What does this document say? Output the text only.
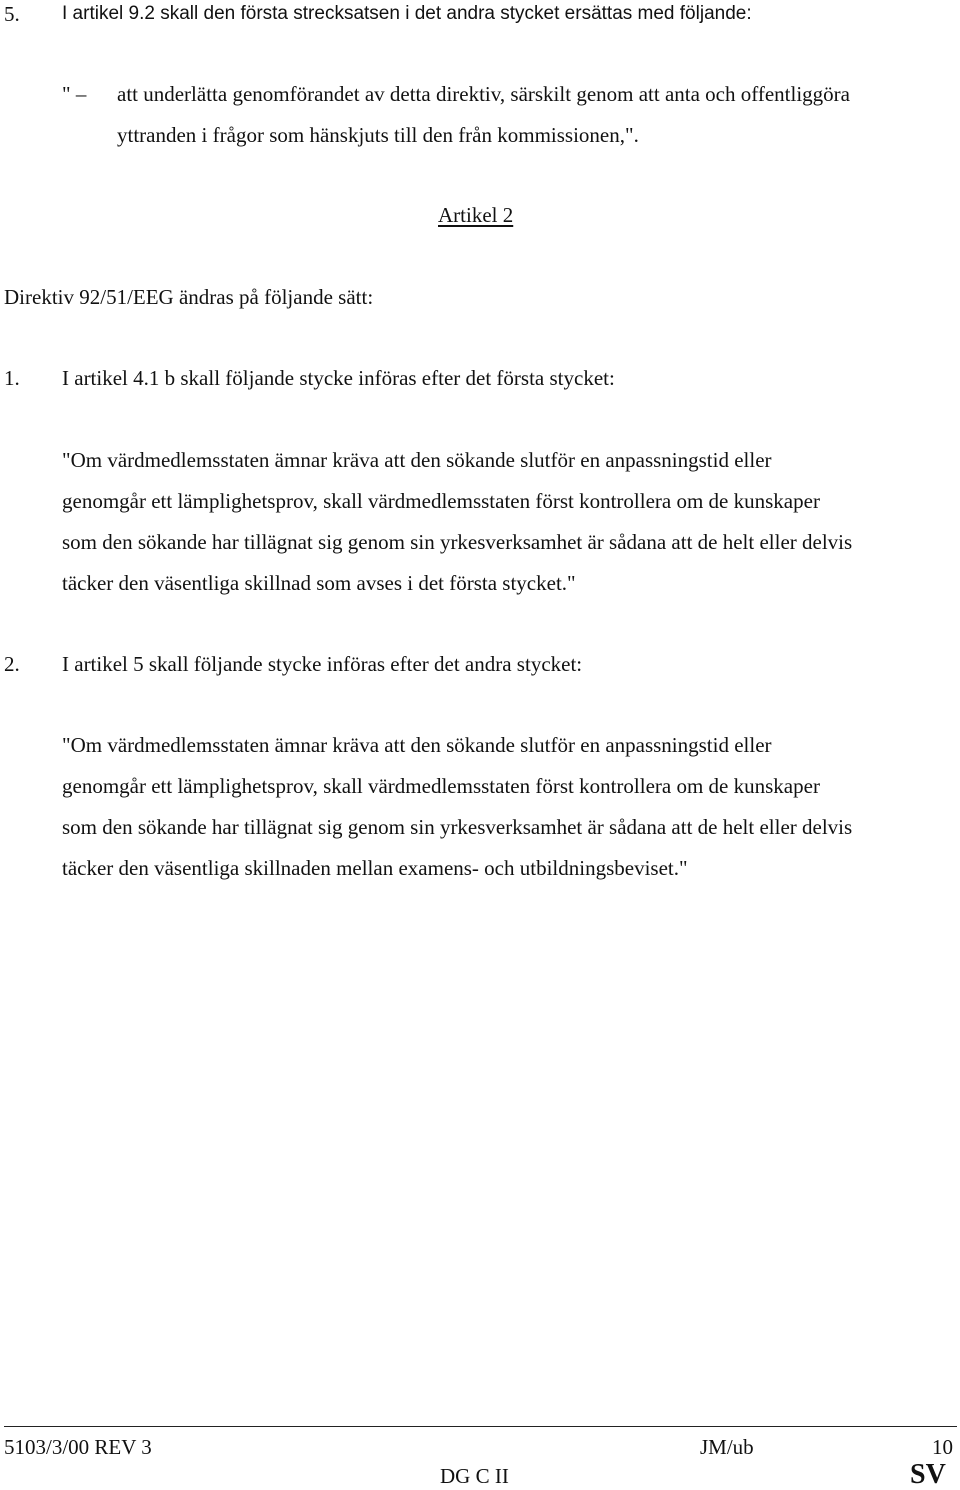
5. I artikel 9.2 skall den första strecksatsen i det andra stycket ersättas med följande:
" – att underlätta genomförandet av detta direktiv, särskilt genom att anta och offentliggöra
yttranden i frågor som hänskjuts till den från kommissionen,".
Artikel 2
Direktiv 92/51/EEG ändras på följande sätt:
1. I artikel 4.1 b skall följande stycke införas efter det första stycket:
"Om värdmedlemsstaten ämnar kräva att den sökande slutför en anpassningstid eller
genomgår ett lämplighetsprov, skall värdmedlemsstaten först kontrollera om de kunskaper
som den sökande har tillägnat sig genom sin yrkesverksamhet är sådana att de helt eller delvis
täcker den väsentliga skillnad som avses i det första stycket."
2. I artikel 5 skall följande stycke införas efter det andra stycket:
"Om värdmedlemsstaten ämnar kräva att den sökande slutför en anpassningstid eller
genomgår ett lämplighetsprov, skall värdmedlemsstaten först kontrollera om de kunskaper
som den sökande har tillägnat sig genom sin yrkesverksamhet är sådana att de helt eller delvis
täcker den väsentliga skillnaden mellan examens- och utbildningsbeviset."
5103/3/00 REV 3	JM/ub	10
DG C II	SV
